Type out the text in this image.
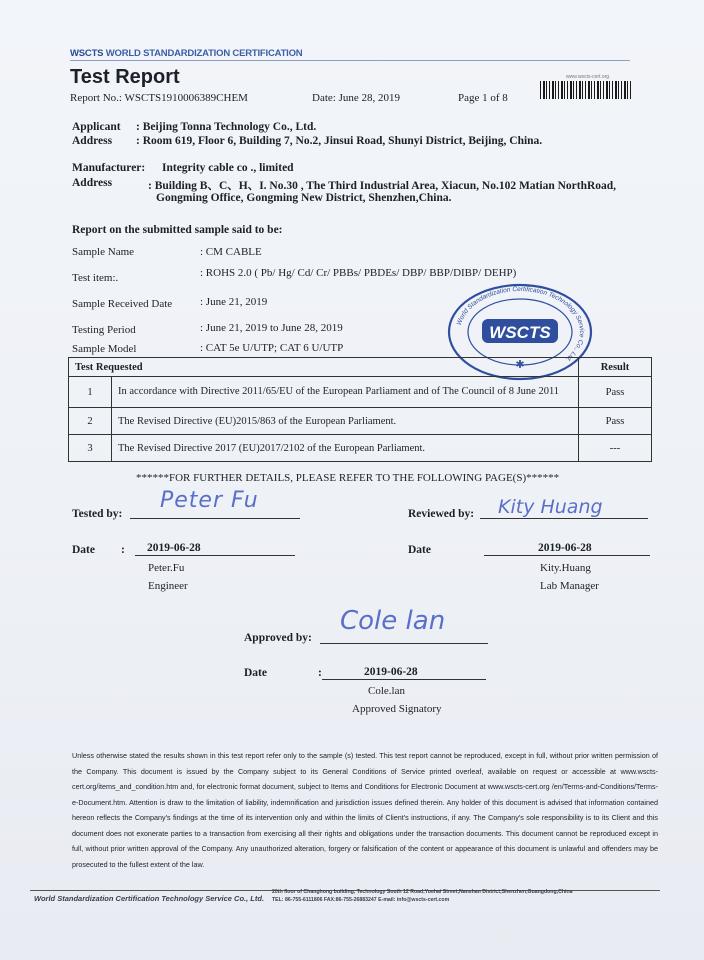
WSCTS WORLD STANDARDIZATION CERTIFICATION
Test Report	www.wscts-cert.org
Report No.: WSCTS1910006389CHEM	Date: June 28, 2019	Page 1 of 8
Applicant : Beijing Tonna Technology Co., Ltd.
Address : Room 619, Floor 6, Building 7, No.2, Jinsui Road, Shunyi District, Beijing, China.
Manufacturer: Integrity cable co ., limited
Address	: Building B、C、H、I. No.30 , The Third Industrial Area, Xiacun, No.102 Matian NorthRoad,
Gongming Office, Gongming New District, Shenzhen,China.
Report on the submitted sample said to be:
Sample Name	: CM CABLE
Test item:.	: ROHS 2.0 ( Pb/ Hg/ Cd/ Cr/ PBBs/ PBDEs/ DBP/ BBP/DIBP/ DEHP)
Sample Received Date	: June 21, 2019
Testing Period	: June 21, 2019 to June 28, 2019
Sample Model	: CAT 5e U/UTP; CAT 6 U/UTP
World Standardization Certification Technology Service Co., Ltd.
WSCTS
✱
Test Requested		Result
1	In accordance with Directive 2011/65/EU of the European Parliament and of The Council of 8 June 2011	Pass
2	The Revised Directive (EU)2015/863 of the European Parliament.	Pass
3	The Revised Directive 2017 (EU)2017/2102 of the European Parliament.	---
******FOR FURTHER DETAILS, PLEASE REFER TO THE FOLLOWING PAGE(S)******
Tested by:
Peter Fu
Reviewed by: Kity Huang
Date : 2019-06-28
Peter.Fu
Engineer
Date	2019-06-28
Kity.Huang
Lab Manager
Approved by:
Cole lan
Date	:	2019-06-28
Cole.lan
Approved Signatory
Unless otherwise stated the results shown in this test report refer only to the sample (s) tested. This test report cannot be reproduced, except in full, without prior written permission of the Company. This document is issued by the Company subject to its General Conditions of Service printed overleaf, available on request or accessible at www.wscts-cert.org/items_and_condition.htm and, for electronic format document, subject to Items and Conditions for Electronic Document at www.wscts-cert.org /en/Terms-and-Conditions/Terms-e-Document.htm. Attention is draw to the limitation of liability, indemnification and jurisdiction issues defined therein. Any holder of this document is advised that information contained hereon reflects the Company's findings at the time of its intervention only and within the limits of Client's instructions, if any. The Company's sole responsibility is to its Client and this document does not exonerate parties to a transaction from exercising all their rights and obligations under the transaction documents. This document cannot be reproduced except in full, without prior written approval of the Company. Any unauthorized alteration, forgery or falsification of the content or appearance of this document is unlawful and offenders may be prosecuted to the fullest extent of the law.
World Standardization Certification Technology Service Co., Ltd.
20th floor of Changhong building, Technology South 12 Road,Yuehai Street,Nanshan District,Shenzhen,Guangdong,China
TEL: 86-755-6111806 FAX:86-755-26883247 E-mail: info@wscts-cert.com
